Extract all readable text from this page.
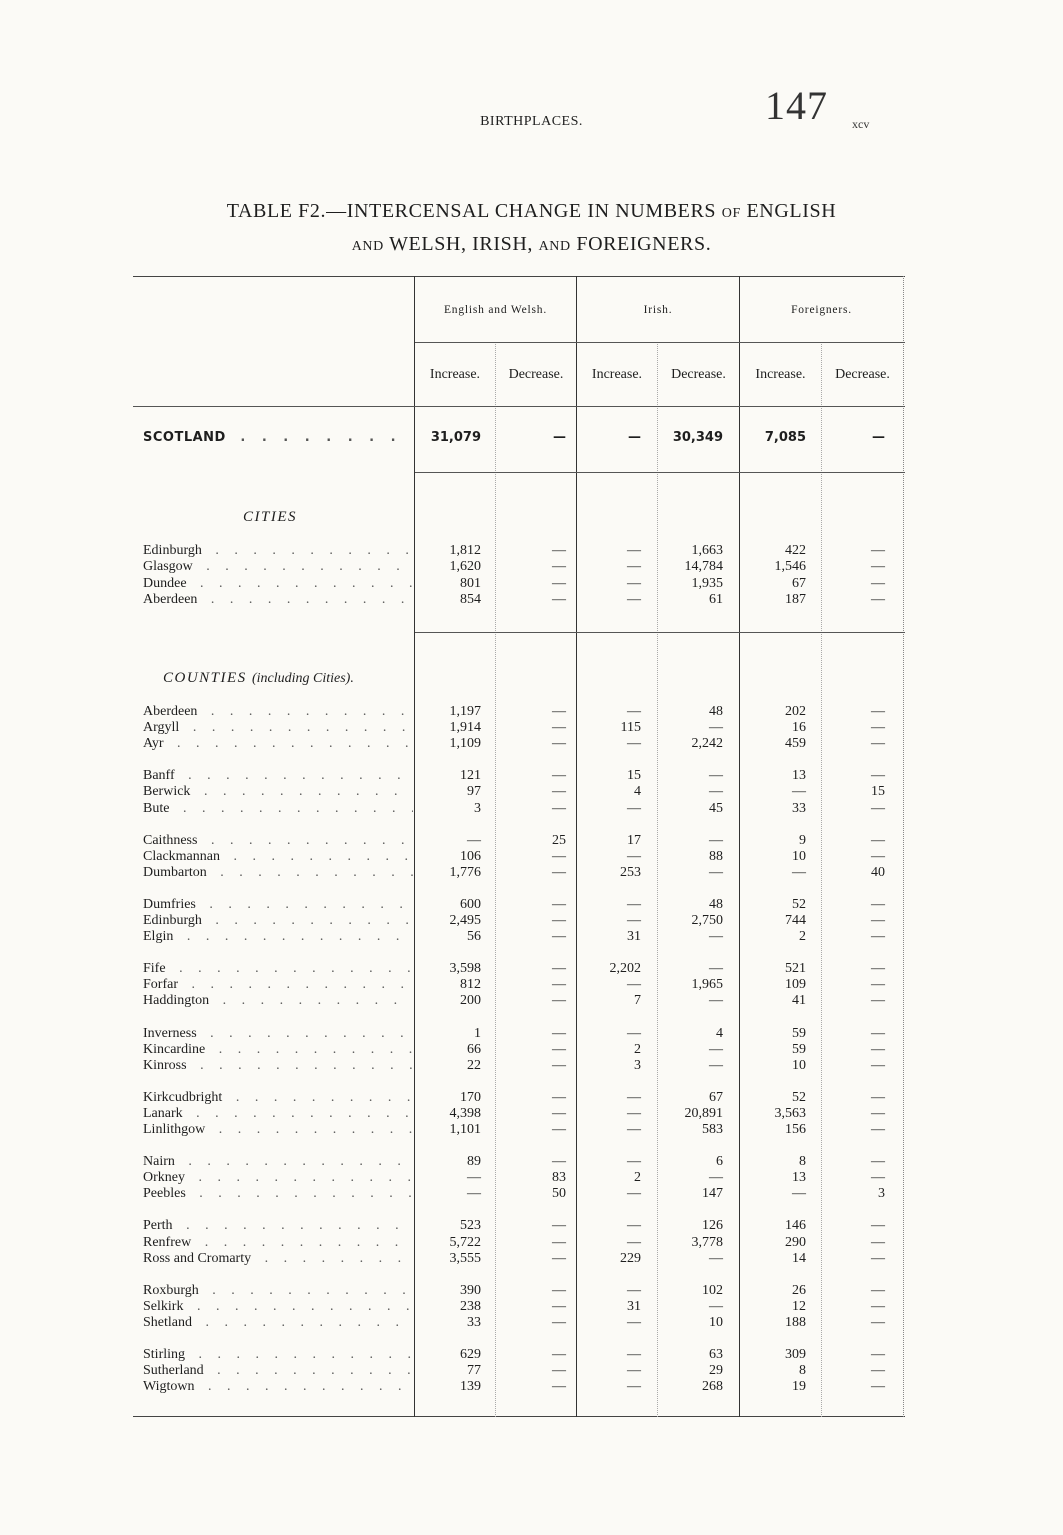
BIRTHPLACES.	147 xcv
TABLE F2.—INTERCENSAL CHANGE IN NUMBERS OF ENGLISH
AND WELSH, IRISH, AND FOREIGNERS.
English and Welsh.	Irish.	Foreigners.
Increase.	Decrease.	Increase.	Decrease.	Increase.	Decrease.
CITIES
COUNTIES (including Cities).
SCOTLAND . .	31,079	—	—	30,349	7,085	—
Edinburgh . .	1,812	—	—	1,663	422	—
Glasgow . .	1,620	—	—	14,784	1,546	—
Dundee . .	801	—	—	1,935	67	—
Aberdeen . .	854	—	—	61	187	—
Aberdeen . .	1,197	—	—	48	202	—
Argyll . .	1,914	—	115	—	16	—
Ayr . .	1,109	—	—	2,242	459	—
Banff . .	121	—	15	—	13	—
Berwick . .	97	—	4	—	—	15
Bute . .	3	—	—	45	33	—
Caithness . .	—	25	17	—	9	—
Clackmannan . .	106	—	—	88	10	—
Dumbarton . .	1,776	—	253	—	—	40
Dumfries . .	600	—	—	48	52	—
Edinburgh . .	2,495	—	—	2,750	744	—
Elgin . .	56	—	31	—	2	—
Fife . .	3,598	—	2,202	—	521	—
Forfar . .	812	—	—	1,965	109	—
Haddington . .	200	—	7	—	41	—
Inverness . .	1	—	—	4	59	—
Kincardine . .	66	—	2	—	59	—
Kinross . .	22	—	3	—	10	—
Kirkcudbright . .	170	—	—	67	52	—
Lanark . .	4,398	—	—	20,891	3,563	—
Linlithgow . .	1,101	—	—	583	156	—
Nairn . .	89	—	—	6	8	—
Orkney . .	—	83	2	—	13	—
Peebles . .	—	50	—	147	—	3
Perth . .	523	—	—	126	146	—
Renfrew . .	5,722	—	—	3,778	290	—
Ross and Cromarty . .	3,555	—	229	—	14	—
Roxburgh . .	390	—	—	102	26	—
Selkirk . .	238	—	31	—	12	—
Shetland . .	33	—	—	10	188	—
Stirling . .	629	—	—	63	309	—
Sutherland . .	77	—	—	29	8	—
Wigtown . .	139	—	—	268	19	—
